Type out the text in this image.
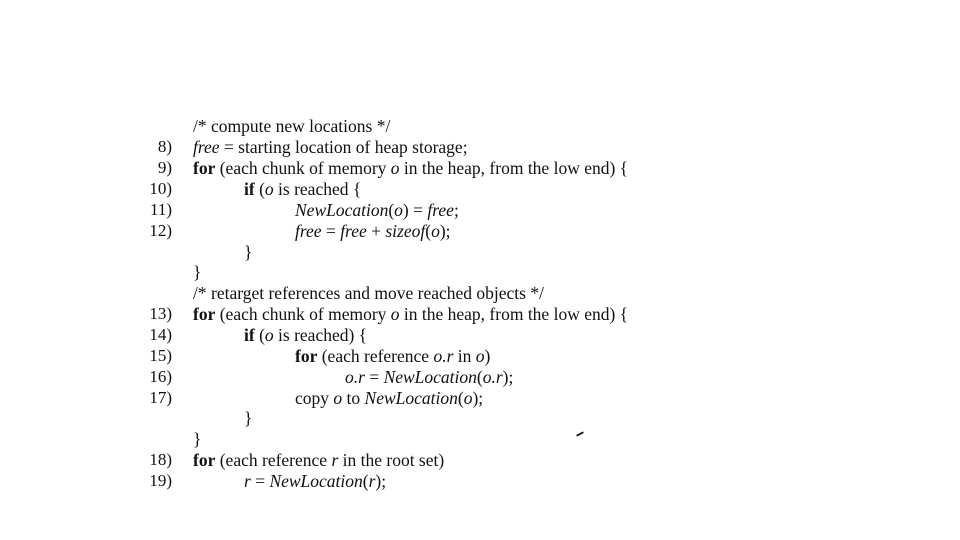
/* compute new locations */
8) free = starting location of heap storage;
9) for (each chunk of memory o in the heap, from the low end) {
10)	if (o is reached {
11)	NewLocation(o) = free;
12)	free = free + sizeof(o);
}
}
/* retarget references and move reached objects */
13) for (each chunk of memory o in the heap, from the low end) {
14)	if (o is reached) {
15)	for (each reference o.r in o)
16)	o.r = NewLocation(o.r);
17)	copy o to NewLocation(o);
}
}
18) for (each reference r in the root set)
19)	r = NewLocation(r);
